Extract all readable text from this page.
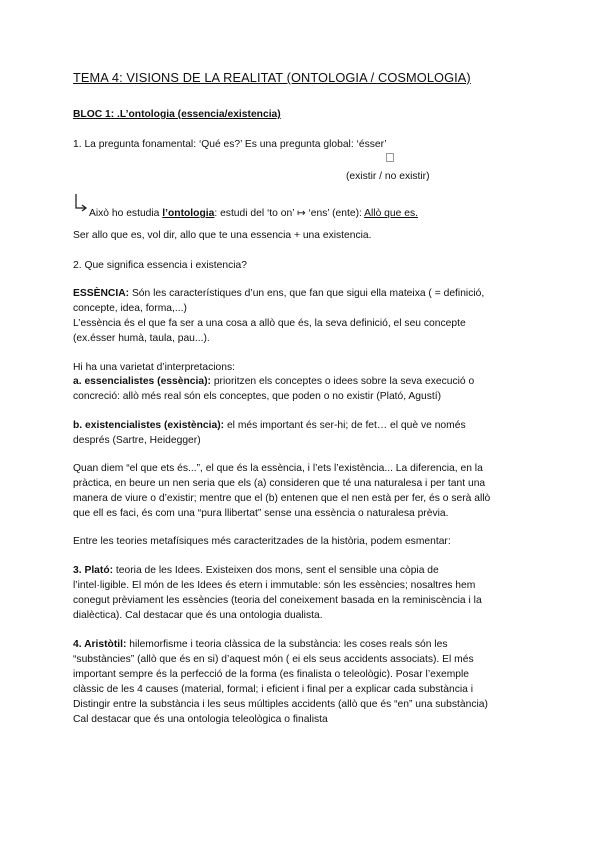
TEMA 4: VISIONS DE LA REALITAT (ONTOLOGIA / COSMOLOGIA)
BLOC 1: .L’ontologia (essencia/existencia)
1. La pregunta fonamental: ‘Qué es?’ Es una pregunta global: ‘ésser’
(existir / no existir)
Això ho estudia l’ontologia: estudi del ‘to on’ ↦ ‘ens’ (ente): Allò que es.
Ser allo que es, vol dir, allo que te una essencia + una existencia.
2. Que significa essencia i existencia?
ESSÈNCIA: Són les característiques d’un ens, que fan que sigui ella mateixa ( = definició,
concepte, idea, forma,...)
L’essència és el que fa ser a una cosa a allò que és, la seva definició, el seu concepte
(ex.ésser humà, taula, pau...).
Hi ha una varietat d’interpretacions:
a. essencialistes (essència): prioritzen els conceptes o idees sobre la seva execució o
concreció: allò més real són els conceptes, que poden o no existir (Plató, Agustí)
b. existencialistes (existència): el més important és ser-hi; de fet… el què ve només
després (Sartre, Heidegger)
Quan diem “el que ets és...”, el que és la essència, i l’ets l’existència... La diferencia, en la
pràctica, en beure un nen seria que els (a) consideren que té una naturalesa i per tant una
manera de viure o d’existir; mentre que el (b) entenen que el nen està per fer, és o serà allò
que ell es faci, és com una “pura llibertat” sense una essència o naturalesa prèvia.
Entre les teories metafísiques més caracteritzades de la història, podem esmentar:
3. Plató: teoria de les Idees. Existeixen dos mons, sent el sensible una còpia de
l’intel·ligible. El món de les Idees és etern i immutable: són les essències; nosaltres hem
conegut prèviament les essències (teoria del coneixement basada en la reminiscència i la
dialèctica). Cal destacar que és una ontologia dualista.
4. Aristòtil: hilemorfisme i teoria clàssica de la substància: les coses reals són les
“substàncies” (allò que és en si) d’aquest món ( ei els seus accidents associats). El més
important sempre és la perfecció de la forma (es finalista o teleològic). Posar l’exemple
clàssic de les 4 causes (material, formal; i eficient i final per a explicar cada substància i
Distingir entre la substància i les seus múltiples accidents (allò que és “en” una substància)
Cal destacar que és una ontologia teleològica o finalista
